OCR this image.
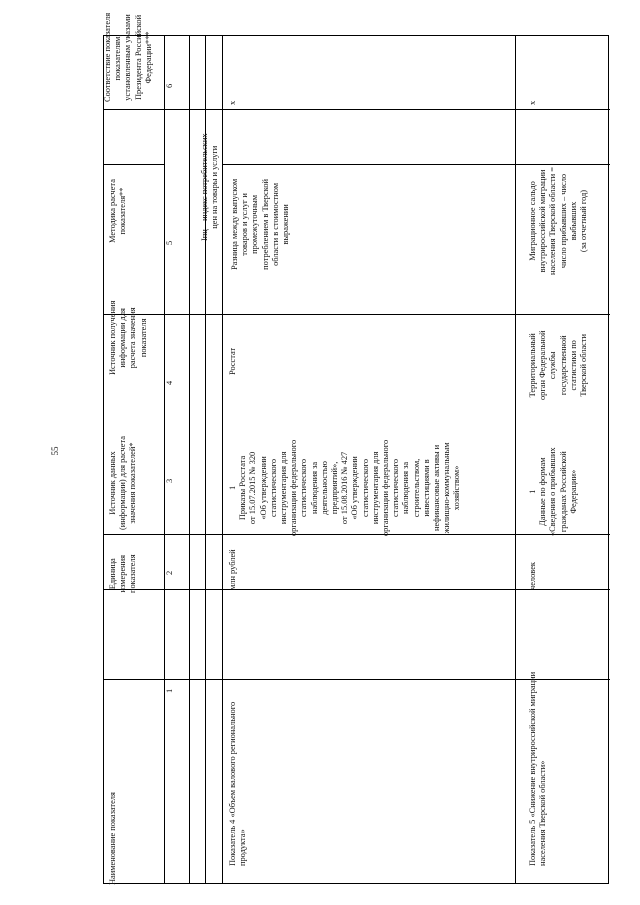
55
Наименование показателя
Единица измерения показателя
Источник данных (информации) для расчета значения показателей*
Источник получения информации для расчета значения показателя
Методика расчета показателя**
Соответствие показателя показателям, установленным указами Президента Российской Федерации***
1
2
3
4
5
6
Iпц – индекс потребительских цен на товары и услуги
Показатель 4 «Объем валового регионального продукта»
млн рублей
1 Приказы Росстата от 15.07.2015 № 320 «Об утверждении статистического инструментария для организации федерального статистического наблюдения за деятельностью предприятий», от 15.08.2016 № 427 «Об утверждении статистического инструментария для организации федерального статистического наблюдения за строительством, инвестициями в нефинансовые активы и жилищно-коммунальным хозяйством»
Росстат
Разница между выпуском товаров и услуг и промежуточным потреблением в Тверской области в стоимостном выражении
х
Показатель 5 «Снижение внутрироссийской миграции населения Тверской области»
человек
1 Данные по формам «Сведения о прибывших гражданах Российской Федерации»
Территориальный орган Федеральной службы государственной статистики по Тверской области
Миграционное сальдо внутрироссийской миграции населения Тверской области = число прибывших – число выбывших (за отчетный год)
х
